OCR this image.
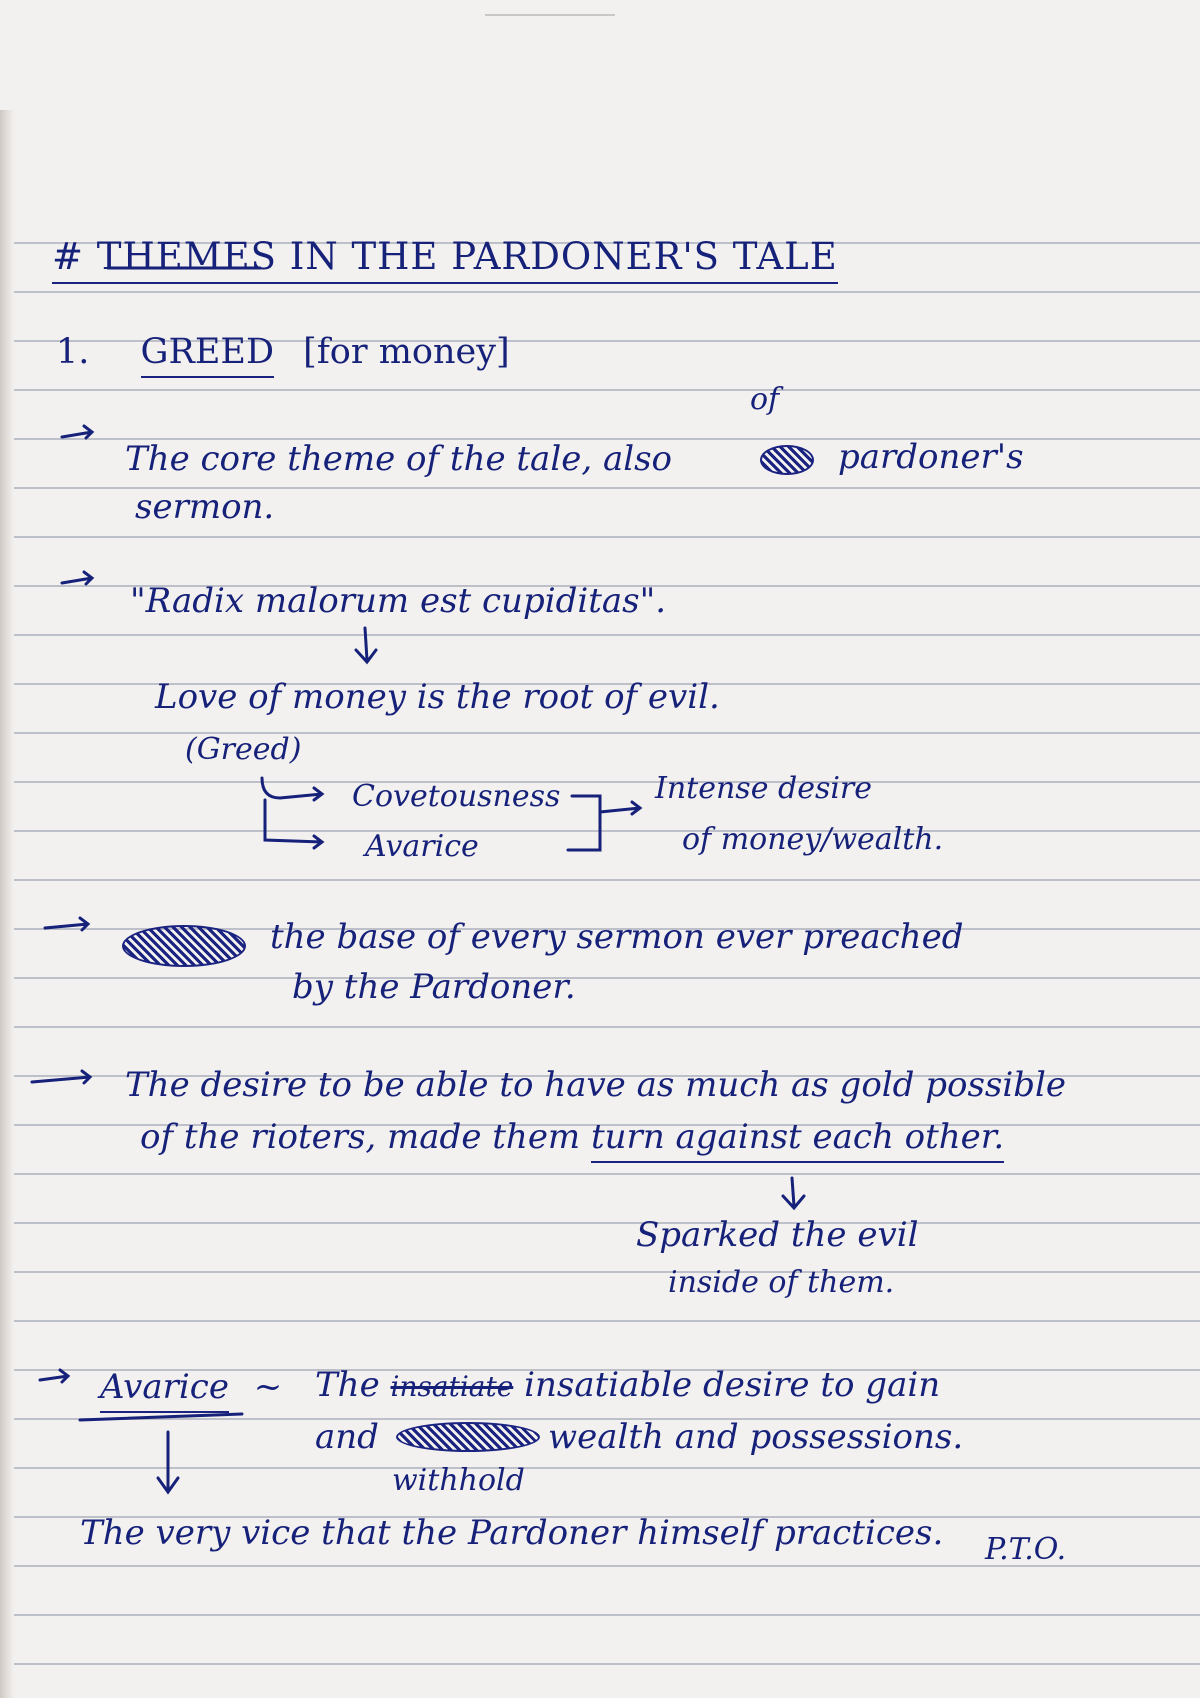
# THEMES IN THE PARDONER'S TALE
1. GREED [for money]
The core theme of the tale, also
of
pardoner's
sermon.
"Radix malorum est cupiditas".
Love of money is the root of evil.
(Greed)
Covetousness
Avarice
Intense desire
of money/wealth.
the base of every sermon ever preached
by the Pardoner.
The desire to be able to have as much as gold possible
of the rioters, made them turn against each other.
Sparked the evil
inside of them.
Avarice ~ The insatiate insatiable desire to gain
and	wealth and possessions.
withhold
The very vice that the Pardoner himself practices. P.T.O.
